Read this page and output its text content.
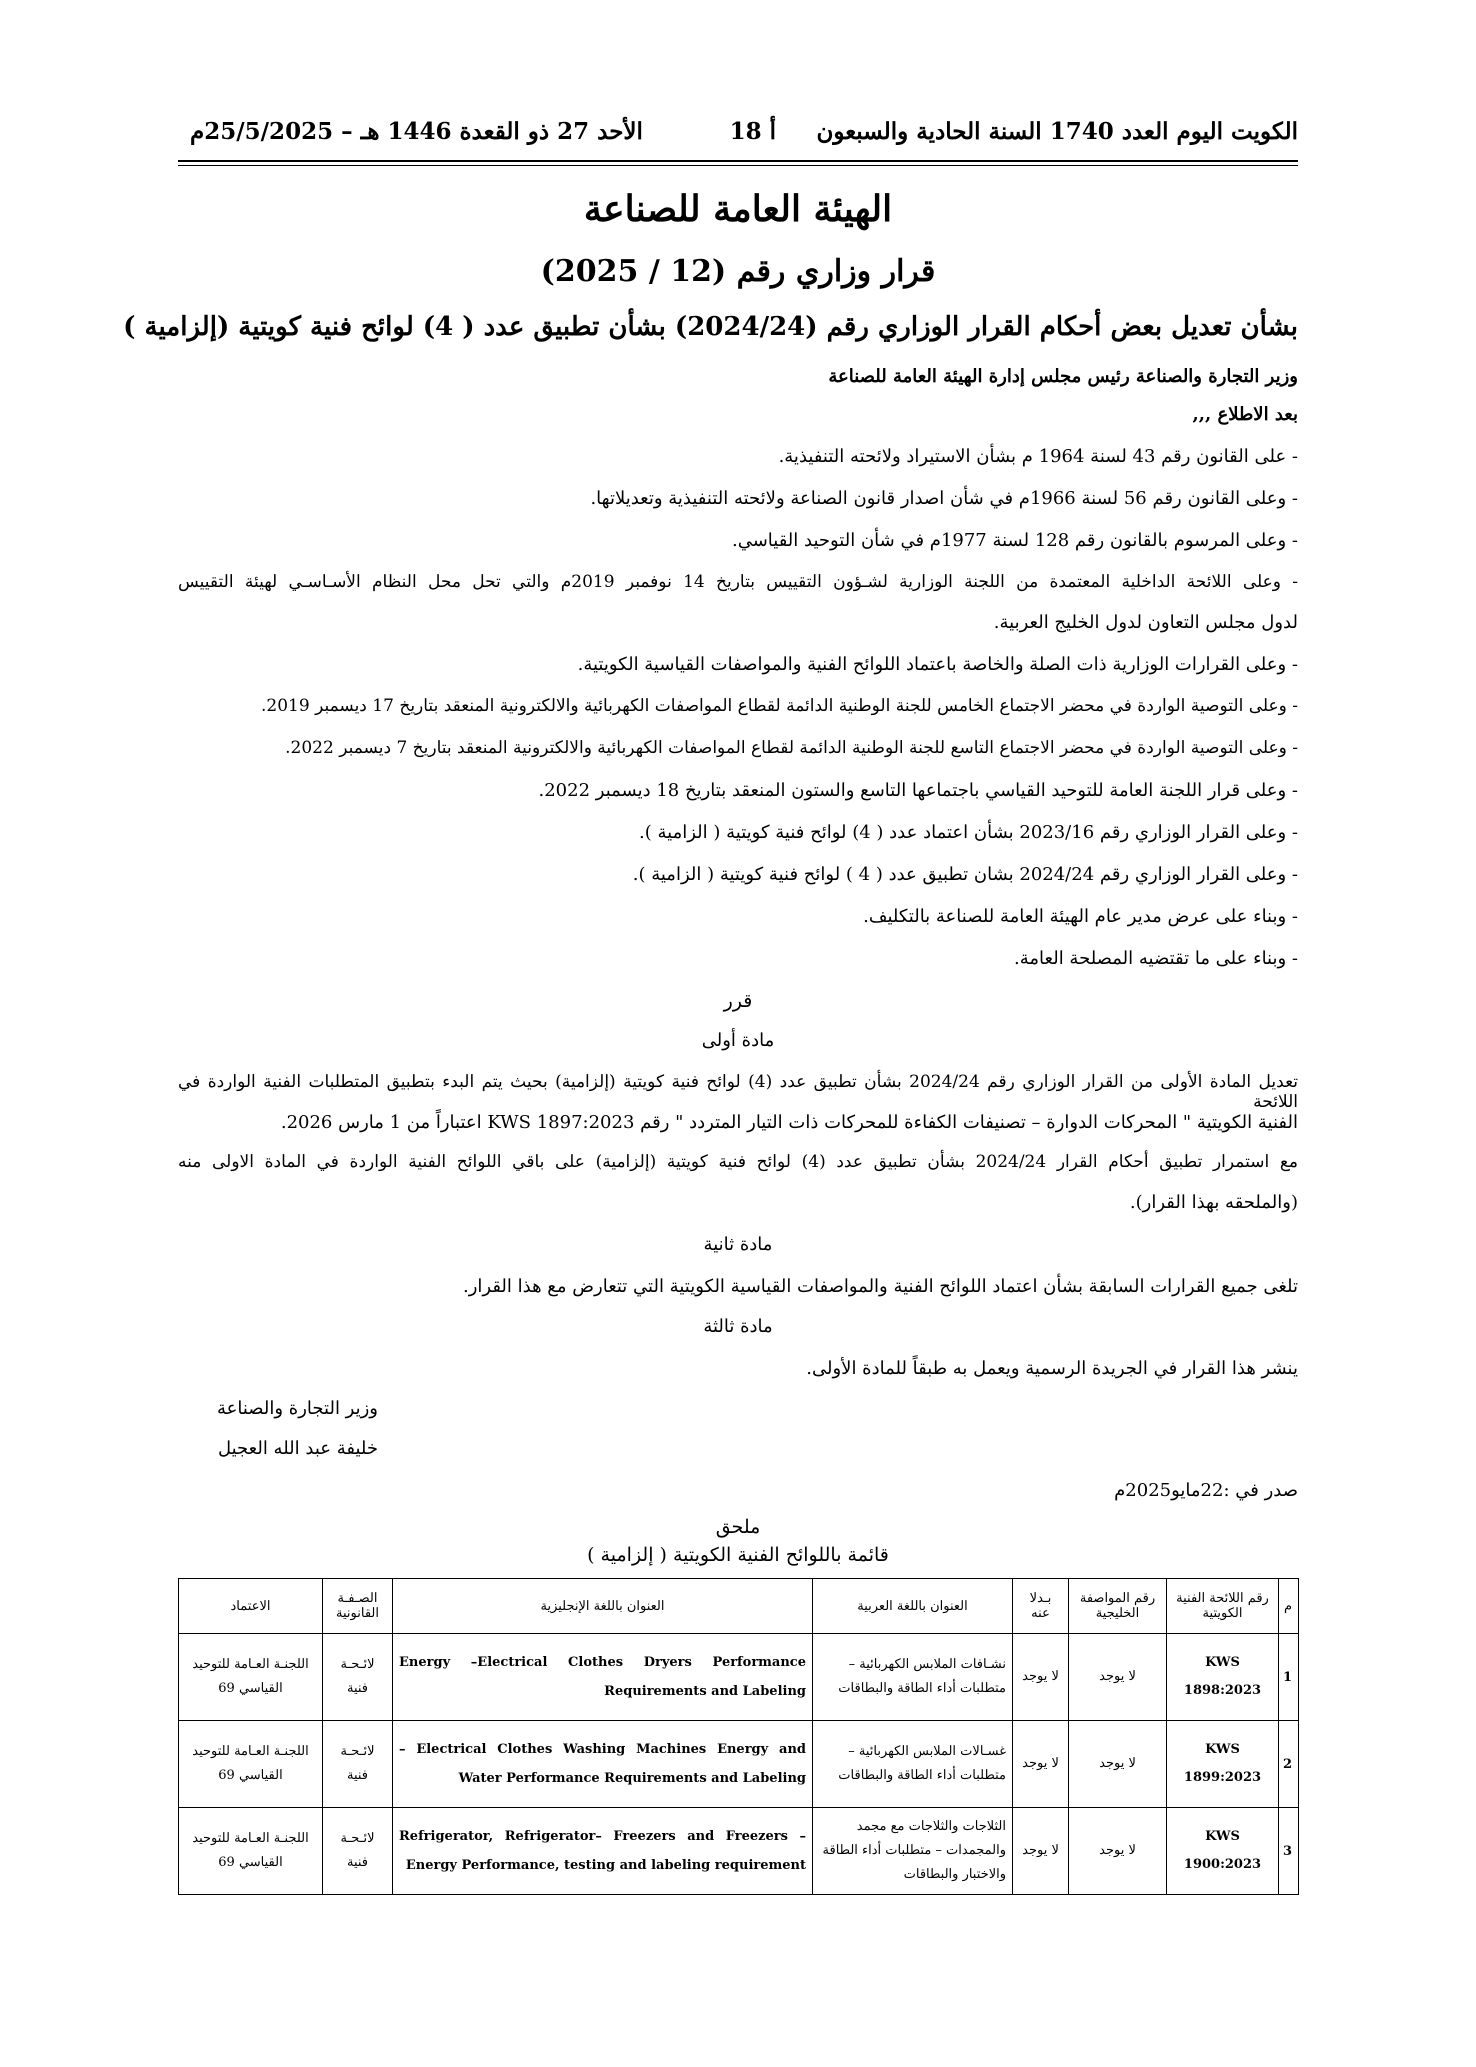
الكويت اليوم العدد 1740 السنة الحادية والسبعون
أ 18
الأحد 27 ذو القعدة 1446 هـ – 25/5/2025م
الهيئة العامة للصناعة
قرار وزاري رقم (12 / 2025)
بشأن تعديل بعض أحكام القرار الوزاري رقم (2024/24) بشأن تطبيق عدد ( 4) لوائح فنية كويتية (إلزامية )
وزير التجارة والصناعة رئيس مجلس إدارة الهيئة العامة للصناعة
بعد الاطلاع ,,,
- على القانون رقم 43 لسنة 1964 م بشأن الاستيراد ولائحته التنفيذية.
- وعلى القانون رقم 56 لسنة 1966م في شأن اصدار قانون الصناعة ولائحته التنفيذية وتعديلاتها.
- وعلى المرسوم بالقانون رقم 128 لسنة 1977م في شأن التوحيد القياسي.
- وعلى اللائحة الداخلية المعتمدة من اللجنة الوزارية لشـؤون التقييس بتاريخ 14 نوفمبر 2019م والتي تحل محل النظام الأسـاسـي لهيئة التقييس
لدول مجلس التعاون لدول الخليج العربية.
- وعلى القرارات الوزارية ذات الصلة والخاصة باعتماد اللوائح الفنية والمواصفات القياسية الكويتية.
- وعلى التوصية الواردة في محضر الاجتماع الخامس للجنة الوطنية الدائمة لقطاع المواصفات الكهربائية والالكترونية المنعقد بتاريخ 17 ديسمبر 2019.
- وعلى التوصية الواردة في محضر الاجتماع التاسع للجنة الوطنية الدائمة لقطاع المواصفات الكهربائية والالكترونية المنعقد بتاريخ 7 ديسمبر 2022.
- وعلى قرار اللجنة العامة للتوحيد القياسي باجتماعها التاسع والستون المنعقد بتاريخ 18 ديسمبر 2022.
- وعلى القرار الوزاري رقم 2023/16 بشأن اعتماد عدد ( 4) لوائح فنية كويتية ( الزامية ).
- وعلى القرار الوزاري رقم 2024/24 بشان تطبيق عدد ( 4 ) لوائح فنية كويتية ( الزامية ).
- وبناء على عرض مدير عام الهيئة العامة للصناعة بالتكليف.
- وبناء على ما تقتضيه المصلحة العامة.
قرر
مادة أولى
تعديل المادة الأولى من القرار الوزاري رقم 2024/24 بشأن تطبيق عدد (4) لوائح فنية كويتية (إلزامية) بحيث يتم البدء بتطبيق المتطلبات الفنية الواردة في اللائحة
الفنية الكويتية " المحركات الدوارة – تصنيفات الكفاءة للمحركات ذات التيار المتردد " رقم KWS 1897:2023 اعتباراً من 1 مارس 2026.
مع استمرار تطبيق أحكام القرار 2024/24 بشأن تطبيق عدد (4) لوائح فنية كويتية (إلزامية) على باقي اللوائح الفنية الواردة في المادة الاولى منه
(والملحقه بهذا القرار).
مادة ثانية
تلغى جميع القرارات السابقة بشأن اعتماد اللوائح الفنية والمواصفات القياسية الكويتية التي تتعارض مع هذا القرار.
مادة ثالثة
ينشر هذا القرار في الجريدة الرسمية ويعمل به طبقاً للمادة الأولى.
وزير التجارة والصناعة
خليفة عبد الله العجيل
صدر في :22مايو2025م
ملحق
قائمة باللوائح الفنية الكويتية ( إلزامية )
م	رقم اللائحة الفنية الكويتية	رقم المواصفة الخليجية	بـدلا عنه	العنوان باللغة العربية	العنوان باللغة الإنجليزية	الصـفـة القانونية	الاعتماد
1	KWS 1898:2023	لا يوجد	لا يوجد	نشـافات الملابس الكهربائية – متطلبات أداء الطاقة والبطاقات	Energy –Electrical Clothes Dryers Performance Requirements and Labeling	لائـحـة فنية	اللجنـة العـامة للتوحيد القياسي 69
2	KWS 1899:2023	لا يوجد	لا يوجد	غسـالات الملابس الكهربائية – متطلبات أداء الطاقة والبطاقات	– Electrical Clothes Washing Machines Energy and Water Performance Requirements and Labeling	لائـحـة فنية	اللجنـة العـامة للتوحيد القياسي 69
3	KWS 1900:2023	لا يوجد	لا يوجد	الثلاجات والثلاجات مع مجمد والمجمدات – متطلبات أداء الطاقة والاختبار والبطاقات	Refrigerator, Refrigerator– Freezers and Freezers – Energy Performance, testing and labeling requirement	لائـحـة فنية	اللجنـة العـامة للتوحيد القياسي 69
